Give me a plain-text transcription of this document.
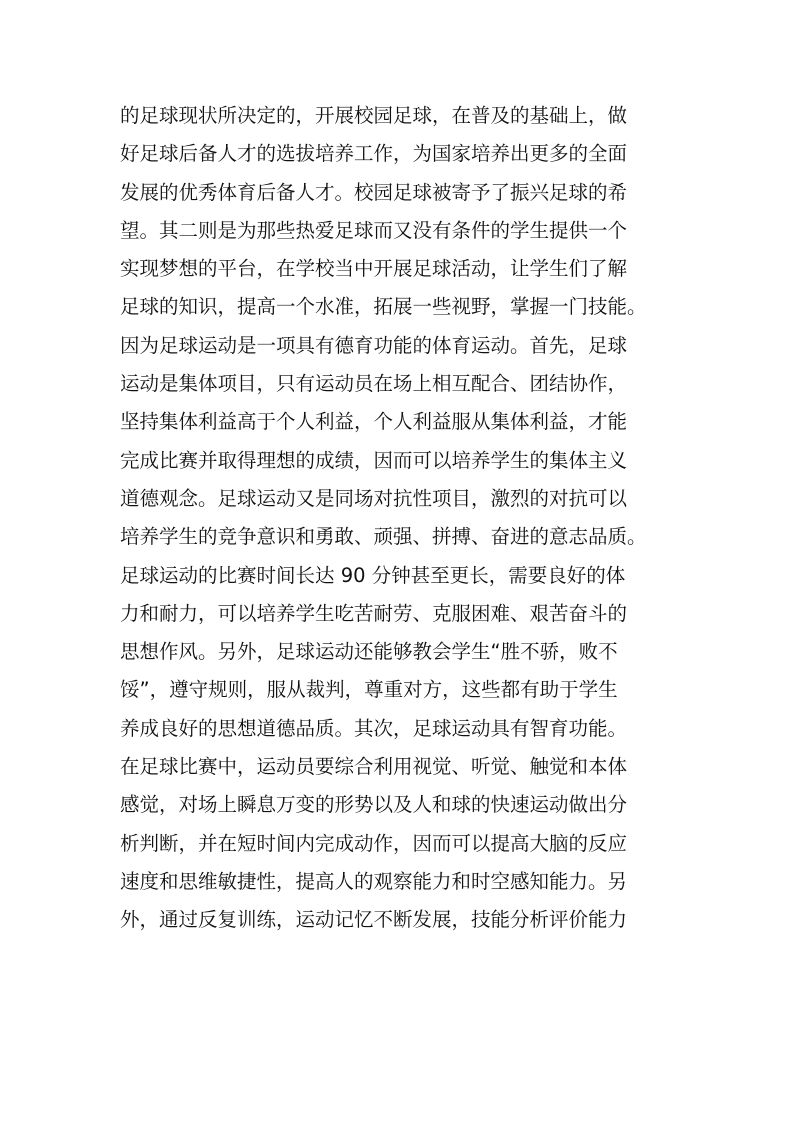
的足球现状所决定的，开展校园足球，在普及的基础上，做
好足球后备人才的选拔培养工作，为国家培养出更多的全面
发展的优秀体育后备人才。校园足球被寄予了振兴足球的希
望。其二则是为那些热爱足球而又没有条件的学生提供一个
实现梦想的平台，在学校当中开展足球活动，让学生们了解
足球的知识，提高一个水准，拓展一些视野，掌握一门技能。
因为足球运动是一项具有德育功能的体育运动。首先，足球
运动是集体项目，只有运动员在场上相互配合、团结协作，
坚持集体利益高于个人利益，个人利益服从集体利益，才能
完成比赛并取得理想的成绩，因而可以培养学生的集体主义
道德观念。足球运动又是同场对抗性项目，激烈的对抗可以
培养学生的竞争意识和勇敢、顽强、拼搏、奋进的意志品质。
足球运动的比赛时间长达 90 分钟甚至更长，需要良好的体
力和耐力，可以培养学生吃苦耐劳、克服困难、艰苦奋斗的
思想作风。另外，足球运动还能够教会学生“胜不骄，败不
馁”，遵守规则，服从裁判，尊重对方，这些都有助于学生
养成良好的思想道德品质。其次，足球运动具有智育功能。
在足球比赛中，运动员要综合利用视觉、听觉、触觉和本体
感觉，对场上瞬息万变的形势以及人和球的快速运动做出分
析判断，并在短时间内完成动作，因而可以提高大脑的反应
速度和思维敏捷性，提高人的观察能力和时空感知能力。另
外，通过反复训练，运动记忆不断发展，技能分析评价能力
